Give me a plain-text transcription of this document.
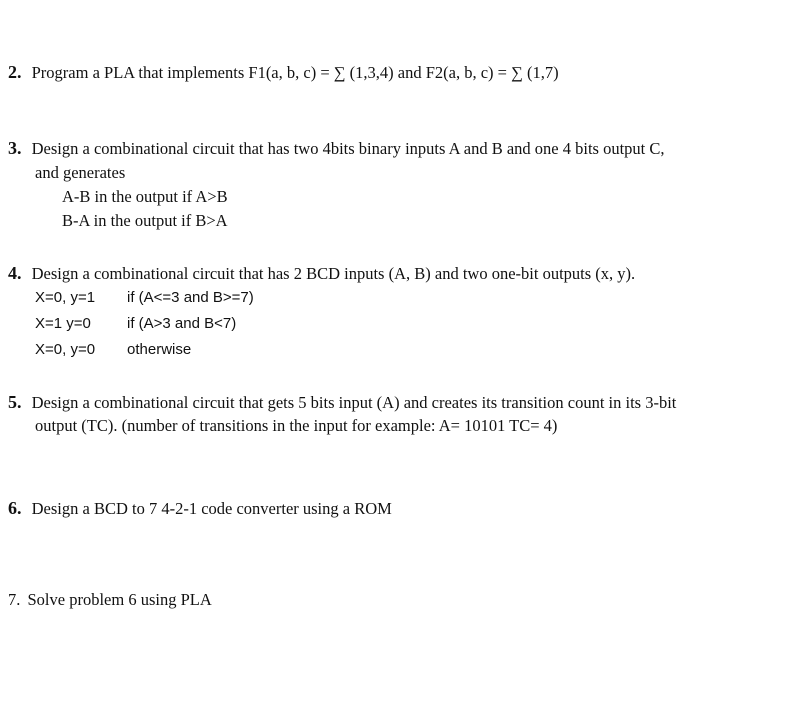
2. Program a PLA that implements F1(a, b, c) = ∑ (1,3,4) and F2(a, b, c) = ∑ (1,7)
3. Design a combinational circuit that has two 4bits binary inputs A and B and one 4 bits output C,
and generates
A-B in the output if A>B
B-A in the output if B>A
4. Design a combinational circuit that has 2 BCD inputs (A, B) and two one-bit outputs (x, y).
X=0, y=1 if (A<=3 and B>=7)
X=1 y=0 if (A>3 and B<7)
X=0, y=0 otherwise
5. Design a combinational circuit that gets 5 bits input (A) and creates its transition count in its 3-bit
output (TC). (number of transitions in the input for example: A= 10101 TC= 4)
6. Design a BCD to 7 4-2-1 code converter using a ROM
7. Solve problem 6 using PLA
